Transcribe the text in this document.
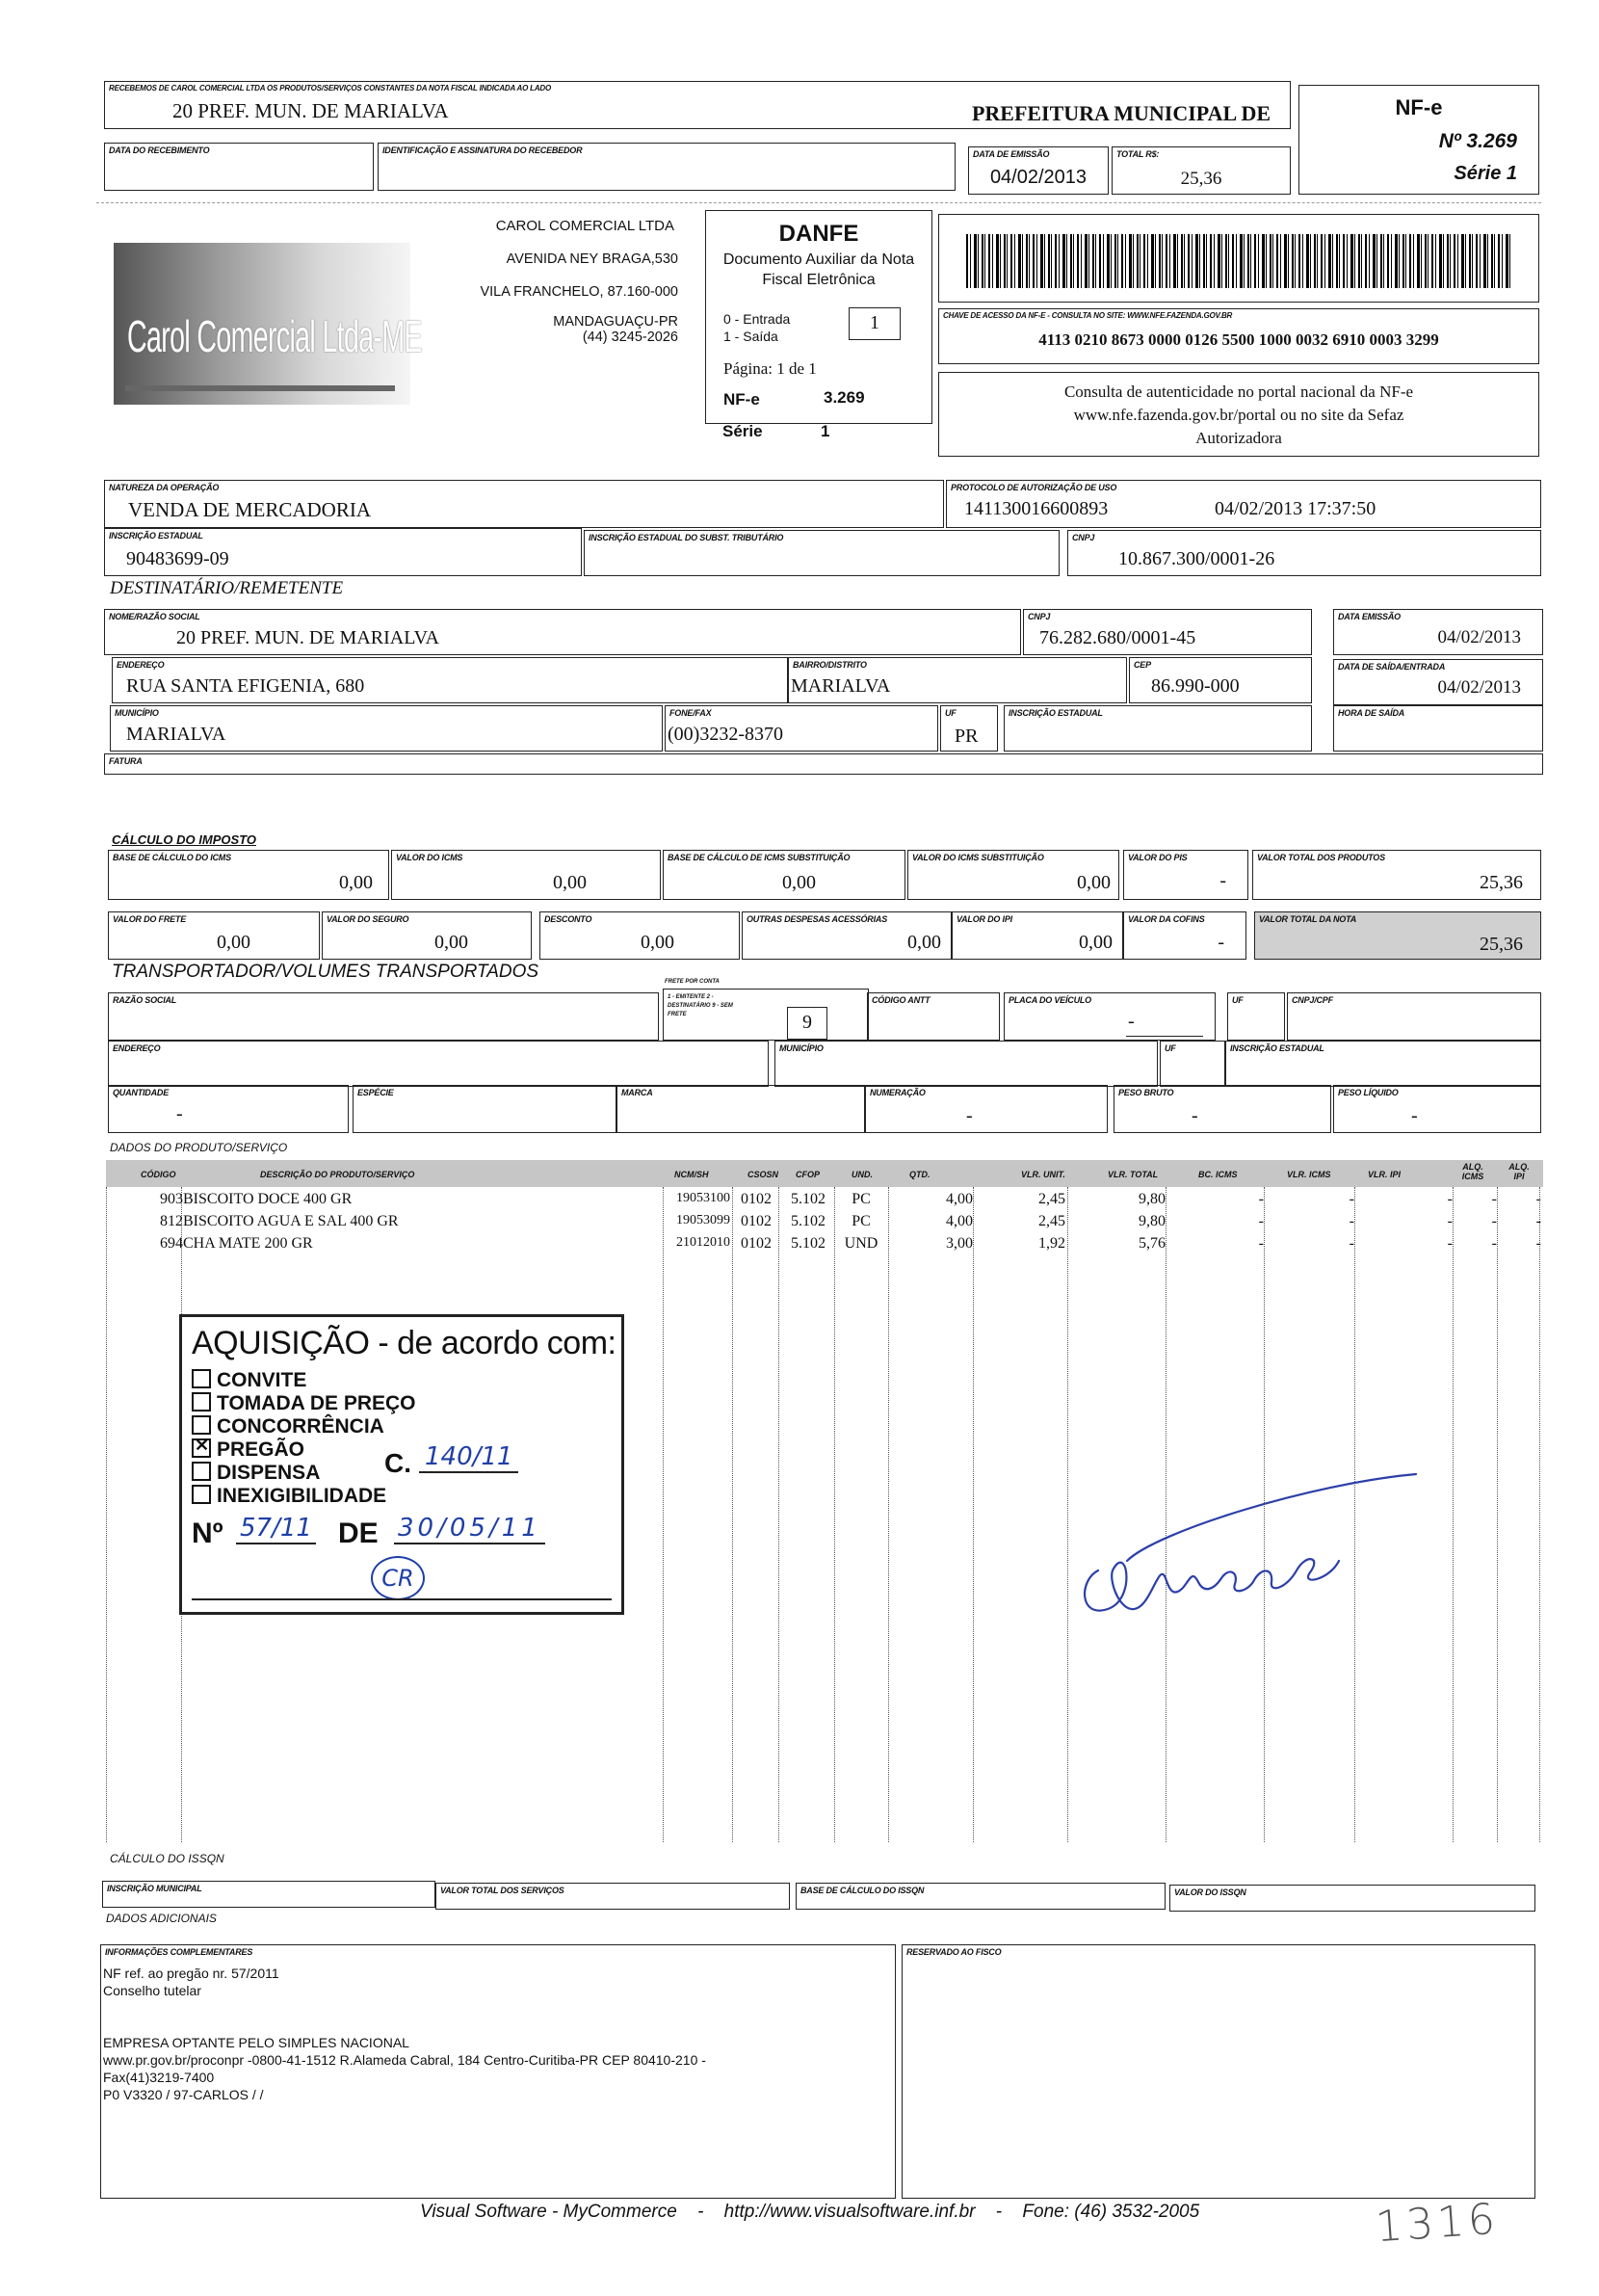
RECEBEMOS DE CAROL COMERCIAL LTDA OS PRODUTOS/SERVIÇOS CONSTANTES DA NOTA FISCAL INDICADA AO LADO
20 PREF. MUN. DE MARIALVA	PREFEITURA MUNICIPAL DE
DATA DO RECEBIMENTO	IDENTIFICAÇÃO E ASSINATURA DO RECEBEDOR	DATA DE EMISSÃO
04/02/2013
TOTAL R$:
25,36
NF-e
Nº 3.269
Série 1
Carol Comercial Ltda-ME
CAROL COMERCIAL LTDA
AVENIDA NEY BRAGA,530
VILA FRANCHELO, 87.160-000
MANDAGUAÇU-PR
(44) 3245-2026
DANFE
Documento Auxiliar da Nota Fiscal Eletrônica
0 - Entrada
1 - Saída
1
Página: 1 de 1
NF-e	3.269
Série	1
CHAVE DE ACESSO DA NF-E - CONSULTA NO SITE: WWW.NFE.FAZENDA.GOV.BR
4113 0210 8673 0000 0126 5500 1000 0032 6910 0003 3299
Consulta de autenticidade no portal nacional da NF-e www.nfe.fazenda.gov.br/portal ou no site da Sefaz Autorizadora
NATUREZA DA OPERAÇÃO
VENDA DE MERCADORIA
PROTOCOLO DE AUTORIZAÇÃO DE USO
141130016600893	04/02/2013 17:37:50
INSCRIÇÃO ESTADUAL
90483699-09
INSCRIÇÃO ESTADUAL DO SUBST. TRIBUTÁRIO	CNPJ
10.867.300/0001-26
DESTINATÁRIO/REMETENTE
NOME/RAZÃO SOCIAL
20 PREF. MUN. DE MARIALVA
CNPJ
76.282.680/0001-45
DATA EMISSÃO
04/02/2013
ENDEREÇO
RUA SANTA EFIGENIA, 680
BAIRRO/DISTRITO
MARIALVA
CEP
86.990-000
DATA DE SAÍDA/ENTRADA
04/02/2013
MUNICÍPIO
MARIALVA
FONE/FAX
(00)3232-8370
UF
PR
INSCRIÇÃO ESTADUAL	HORA DE SAÍDA
FATURA
CÁLCULO DO IMPOSTO
BASE DE CÁLCULO DO ICMS
0,00
VALOR DO ICMS
0,00
BASE DE CÁLCULO DE ICMS SUBSTITUIÇÃO
0,00
VALOR DO ICMS SUBSTITUIÇÃO
0,00
VALOR DO PIS
-
VALOR TOTAL DOS PRODUTOS
25,36
VALOR DO FRETE
0,00
VALOR DO SEGURO
0,00
DESCONTO
0,00
OUTRAS DESPESAS ACESSÓRIAS
0,00
VALOR DO IPI
0,00
VALOR DA COFINS
-
VALOR TOTAL DA NOTA
25,36
TRANSPORTADOR/VOLUMES TRANSPORTADOS
RAZÃO SOCIAL
FRETE POR CONTA
1 - EMITENTE 2 - DESTINATÁRIO 9 - SEM FRETE	9
CÓDIGO ANTT	PLACA DO VEÍCULO
-
UF	CNPJ/CPF
ENDEREÇO	MUNICÍPIO	UF	INSCRIÇÃO ESTADUAL
QUANTIDADE
-
ESPÉCIE	MARCA	NUMERAÇÃO
-
PESO BRUTO
-
PESO LÍQUIDO
-
DADOS DO PRODUTO/SERVIÇO
CÓDIGO	DESCRIÇÃO DO PRODUTO/SERVIÇO	NCM/SH	CSOSN CFOP	UND.	QTD.	VLR. UNIT.	VLR. TOTAL	BC. ICMS	VLR. ICMS	VLR. IPI
ALQ. ICMS
ALQ. IPI
903 BISCOITO DOCE 400 GR	19053100 0102	5.102	PC	4,00	2,45	9,80	-	-	-	-	-
812 BISCOITO AGUA E SAL 400 GR	19053099 0102	5.102	PC	4,00	2,45	9,80	-	-	-	-	-
694 CHA MATE 200 GR	21012010 0102	5.102	UND	3,00	1,92	5,76	-	-	-	-	-
AQUISIÇÃO - de acordo com:
CONVITE
TOMADA DE PREÇO
CONCORRÊNCIA
✕PREGÃO
DISPENSA
INEXIGIBILIDADE
C. 140/11
Nº 57/11 DE 30/05/11
CR
CÁLCULO DO ISSQN
INSCRIÇÃO MUNICIPAL	VALOR TOTAL DOS SERVIÇOS	BASE DE CÁLCULO DO ISSQN	VALOR DO ISSQN
DADOS ADICIONAIS
INFORMAÇÕES COMPLEMENTARES
NF ref. ao pregão nr. 57/2011
Conselho tutelar
EMPRESA OPTANTE PELO SIMPLES NACIONAL
www.pr.gov.br/proconpr -0800-41-1512 R.Alameda Cabral, 184 Centro-Curitiba-PR CEP 80410-210 -
Fax(41)3219-7400
P0 V3320 / 97-CARLOS / /
RESERVADO AO FISCO
Visual Software - MyCommerce - http://www.visualsoftware.inf.br - Fone: (46) 3532-2005	1316
